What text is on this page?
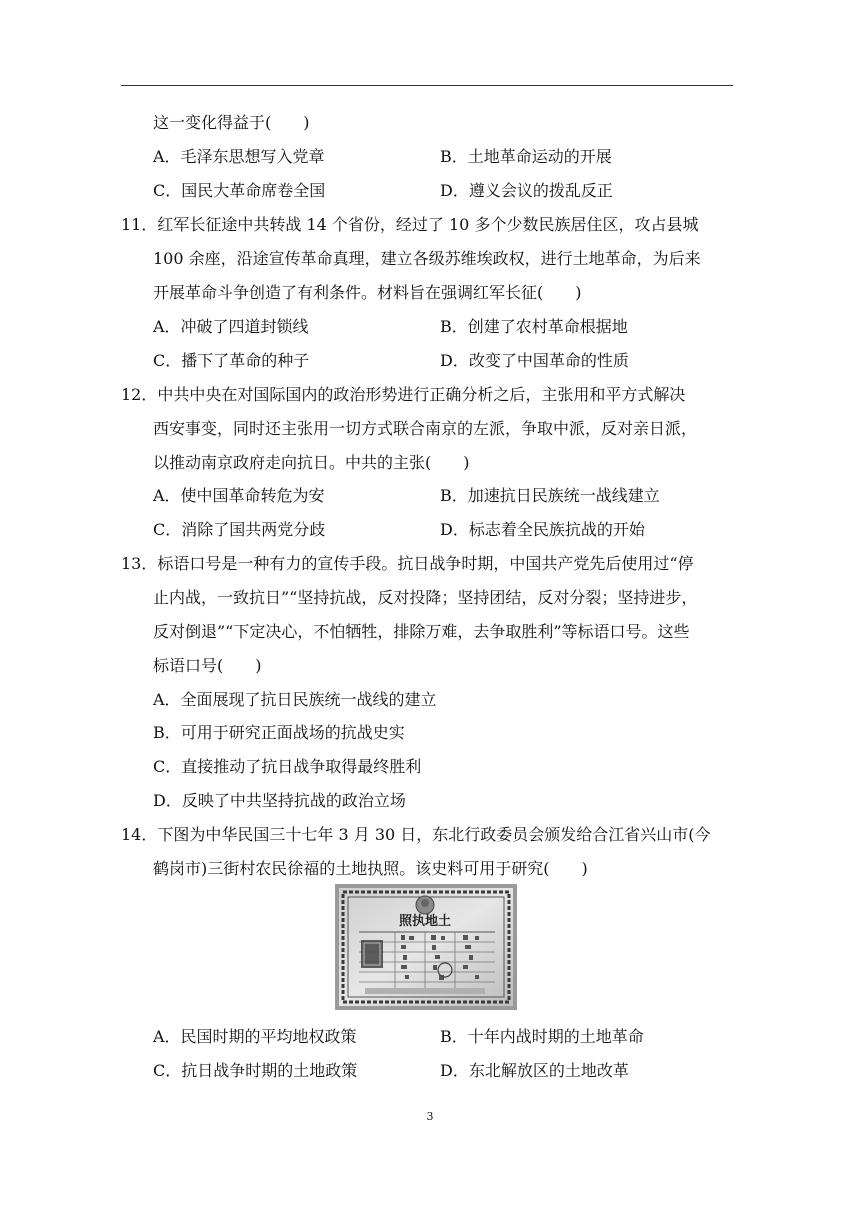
这一变化得益于(　　)
A．毛泽东思想写入党章	B．土地革命运动的开展
C．国民大革命席卷全国	D．遵义会议的拨乱反正
11．红军长征途中共转战 14 个省份，经过了 10 多个少数民族居住区，攻占县城
100 余座，沿途宣传革命真理，建立各级苏维埃政权，进行土地革命，为后来
开展革命斗争创造了有利条件。材料旨在强调红军长征(　　)
A．冲破了四道封锁线	B．创建了农村革命根据地
C．播下了革命的种子	D．改变了中国革命的性质
12．中共中央在对国际国内的政治形势进行正确分析之后，主张用和平方式解决
西安事变，同时还主张用一切方式联合南京的左派，争取中派，反对亲日派，
以推动南京政府走向抗日。中共的主张(　　)
A．使中国革命转危为安	B．加速抗日民族统一战线建立
C．消除了国共两党分歧	D．标志着全民族抗战的开始
13．标语口号是一种有力的宣传手段。抗日战争时期，中国共产党先后使用过“停
止内战，一致抗日”“坚持抗战，反对投降；坚持团结，反对分裂；坚持进步，
反对倒退”“下定决心，不怕牺牲，排除万难，去争取胜利”等标语口号。这些
标语口号(　　)
A．全面展现了抗日民族统一战线的建立
B．可用于研究正面战场的抗战史实
C．直接推动了抗日战争取得最终胜利
D．反映了中共坚持抗战的政治立场
14．下图为中华民国三十七年 3 月 30 日，东北行政委员会颁发给合江省兴山市(今
鹤岗市)三街村农民徐福的土地执照。该史料可用于研究(　　)
照执地土
A．民国时期的平均地权政策	B．十年内战时期的土地革命
C．抗日战争时期的土地政策	D．东北解放区的土地改革
3
